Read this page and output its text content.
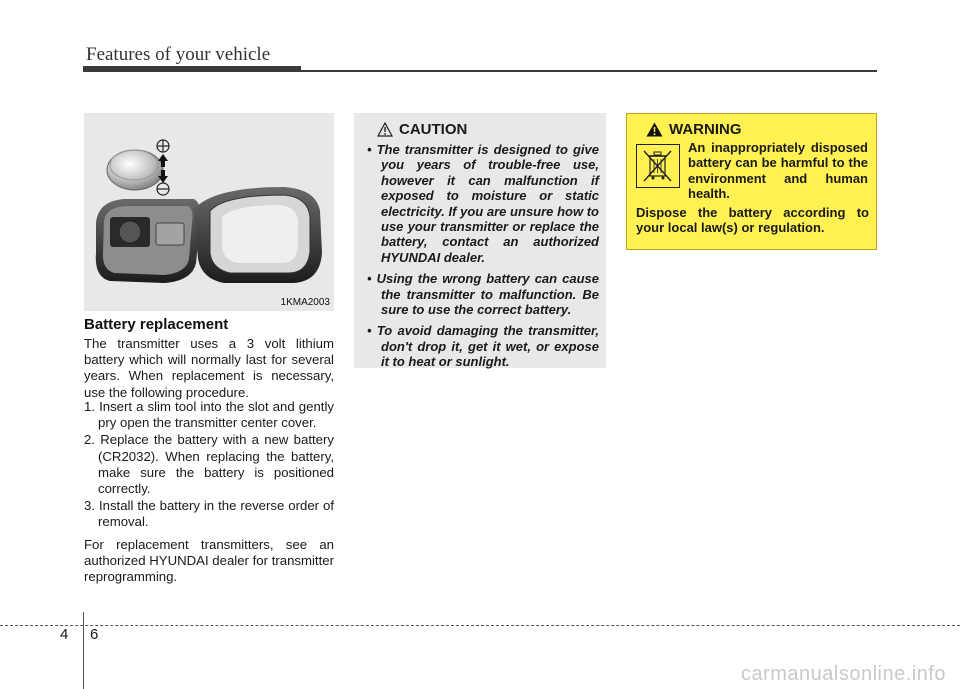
Features of your vehicle
1KMA2003
Battery replacement

The transmitter uses a 3 volt lithium battery which will normally last for several years. When replacement is necessary, use the following procedure.

1. Insert a slim tool into the slot and gently pry open the transmitter center cover.
2. Replace the battery with a new battery (CR2032). When replacing the battery, make sure the battery is positioned correctly.
3. Install the battery in the reverse order of removal.

For replacement transmitters, see an authorized HYUNDAI dealer for transmitter reprogramming.

CAUTION
• The transmitter is designed to give you years of trouble-free use, however it can malfunction if exposed to moisture or static electricity. If you are unsure how to use your transmitter or replace the battery, contact an authorized HYUNDAI dealer.
• Using the wrong battery can cause the transmitter to malfunction. Be sure to use the correct battery.
• To avoid damaging the transmitter, don't drop it, get it wet, or expose it to heat or sunlight.
WARNING
An inappropriately disposed battery can be harmful to the environment and human health.
Dispose the battery according to your local law(s) or regulation.
4 6
carmanualsonline.info
